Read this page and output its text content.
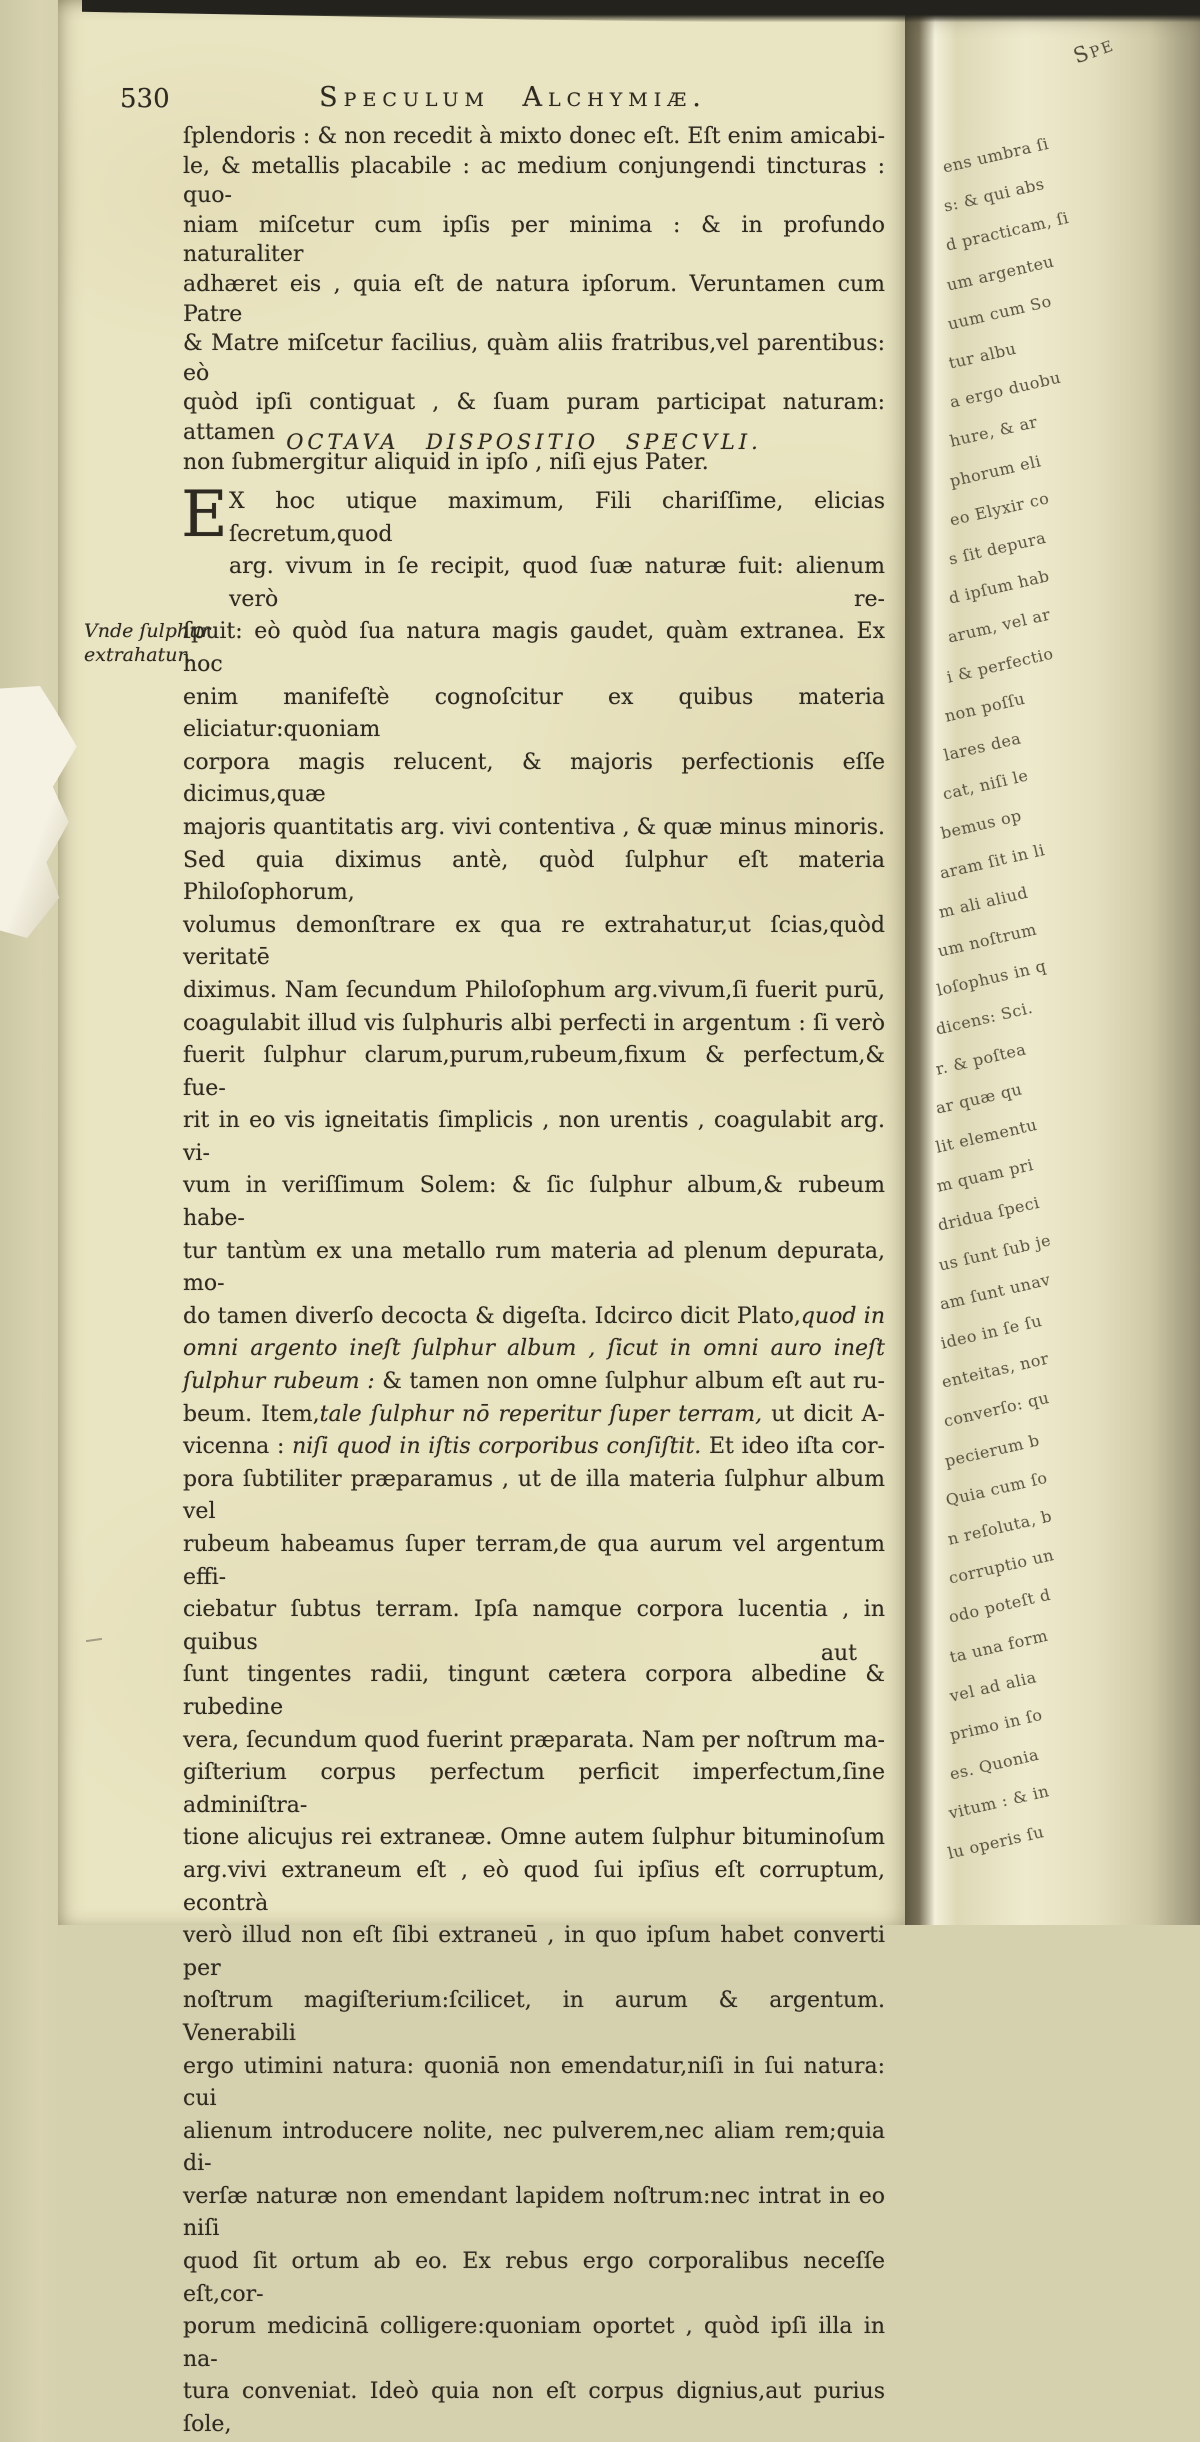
530	Speculum Alchymiæ.
ſplendoris : & non recedit à mixto donec eſt. Eſt enim amicabi-
le, & metallis placabile : ac medium conjungendi tincturas : quo-
niam miſcetur cum ipſis per minima : & in profundo naturaliter
adhæret eis , quia eſt de natura ipſorum. Veruntamen cum Patre
& Matre miſcetur facilius, quàm aliis fratribus,vel parentibus: eò
quòd ipſi contiguat , & ſuam puram participat naturam: attamen
non ſubmergitur aliquid in ipſo , niſi ejus Pater.
OCTAVA DISPOSITIO SPECVLI.
E X hoc utique maximum, Fili chariſſime, elicias ſecretum,quod
arg. vivum in ſe recipit, quod ſuæ naturæ fuit: alienum verò re-
ſpuit: eò quòd ſua natura magis gaudet, quàm extranea. Ex hoc
enim manifeſtè cognoſcitur ex quibus materia eliciatur:quoniam
corpora magis relucent, & majoris perfectionis eſſe dicimus,quæ
majoris quantitatis arg. vivi contentiva , & quæ minus minoris.
Sed quia diximus antè, quòd ſulphur eſt materia Philoſophorum,
volumus demonſtrare ex qua re extrahatur,ut ſcias,quòd veritatē
diximus. Nam ſecundum Philoſophum arg.vivum,ſi fuerit purū,
coagulabit illud vis ſulphuris albi perfecti in argentum : ſi verò
fuerit ſulphur clarum,purum,rubeum,fixum & perfectum,& fue-
rit in eo vis igneitatis ſimplicis , non urentis , coagulabit arg. vi-
vum in veriſſimum Solem: & ſic ſulphur album,& rubeum habe-
tur tantùm ex una metallo rum materia ad plenum depurata, mo-
do tamen diverſo decocta & digeſta. Idcirco dicit Plato,quod in
omni argento ineſt ſulphur album , ſicut in omni auro ineſt
ſulphur rubeum : & tamen non omne ſulphur album eſt aut ru-
beum. Item,tale ſulphur nō reperitur ſuper terram, ut dicit A-
vicenna : niſi quod in iſtis corporibus conſiſtit. Et ideo iſta cor-
pora ſubtiliter præparamus , ut de illa materia ſulphur album vel
rubeum habeamus ſuper terram,de qua aurum vel argentum effi-
ciebatur ſubtus terram. Ipſa namque corpora lucentia , in quibus
ſunt tingentes radii, tingunt cætera corpora albedine & rubedine
vera, ſecundum quod fuerint præparata. Nam per noſtrum ma-
giſterium corpus perfectum perficit imperfectum,ſine adminiſtra-
tione alicujus rei extraneæ. Omne autem ſulphur bituminoſum
arg.vivi extraneum eſt , eò quod ſui ipſius eſt corruptum, econtrà
verò illud non eſt ſibi extraneū , in quo ipſum habet converti per
noſtrum magiſterium:ſcilicet, in aurum & argentum. Venerabili
ergo utimini natura: quoniā non emendatur,niſi in ſui natura: cui
alienum introducere nolite, nec pulverem,nec aliam rem;quia di-
verſæ naturæ non emendant lapidem noſtrum:nec intrat in eo niſi
quod ſit ortum ab eo. Ex rebus ergo corporalibus neceſſe eſt,cor-
porum medicinā colligere:quoniam oportet , quòd ipſi illa in na-
tura conveniat. Ideò quia non eſt corpus dignius,aut purius ſole,
Vnde ſulphur
extrahatur.
aut
Spe
ens umbra ſi
s: & qui abs
d practicam, ſi
um argenteu
uum cum So
tur albu
a ergo duobu
hure, & ar
phorum eli
eo Elyxir co
s ſit depura
d ipſum hab
arum, vel ar
i & perfectio
non poſſu
lares dea
cat, niſi le
bemus op
aram ſit in li
m ali aliud
um noſtrum
loſophus in q
dicens: Sci.
r. & poſtea
ar quæ qu
lit elementu
m quam pri
dridua ſpeci
us ſunt ſub je
am ſunt unav
ideo in ſe ſu
enteitas, nor
converſo: qu
pecierum b
Quia cum ſo
n reſoluta, b
corruptio un
odo poteſt d
ta una form
vel ad alia
primo in ſo
es. Quonia
vitum : & in
lu operis ſu
